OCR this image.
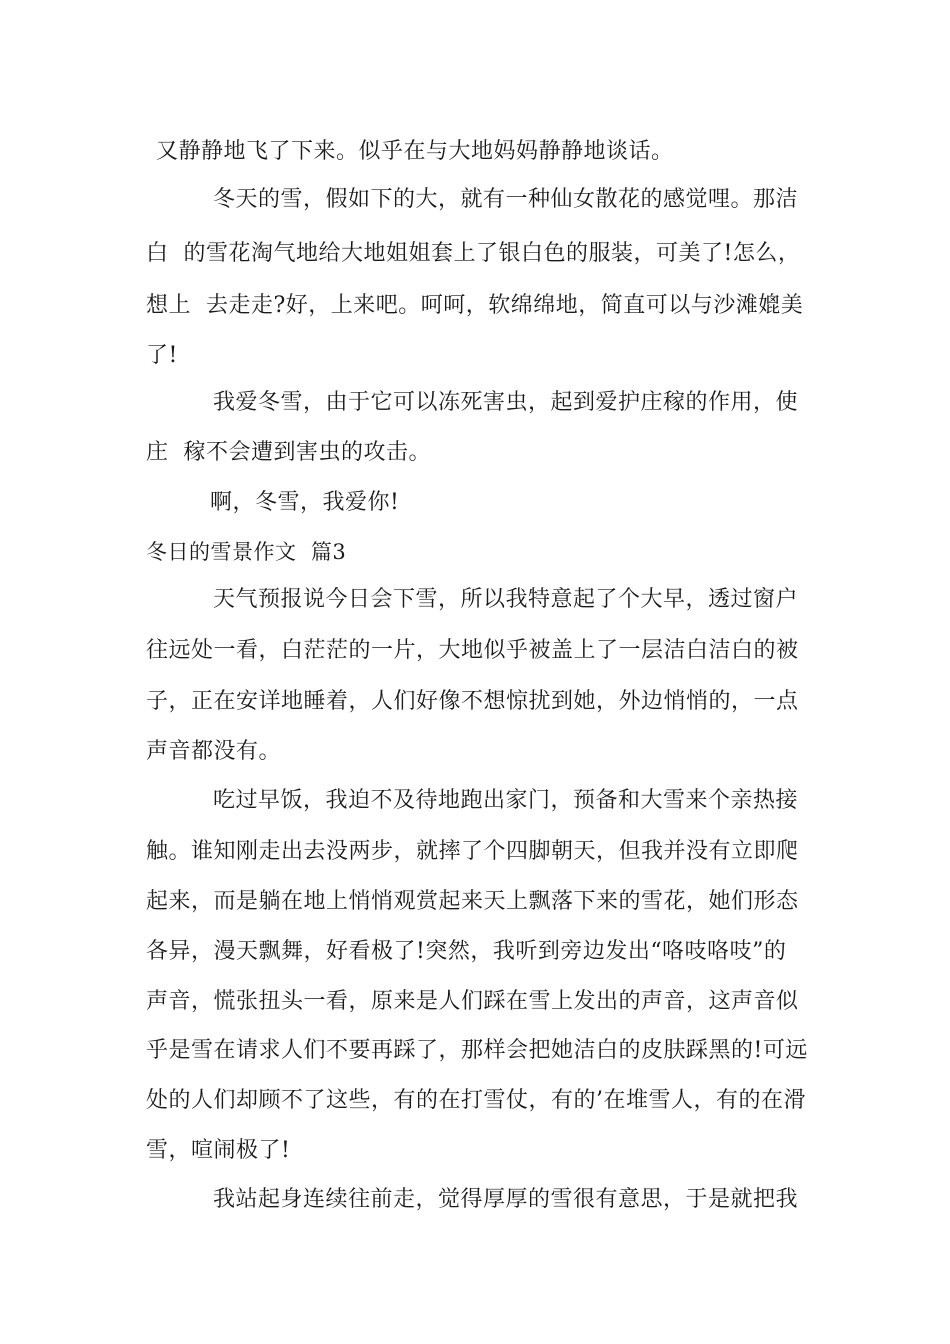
又静静地飞了下来。似乎在与大地妈妈静静地谈话。
冬天的雪，假如下的大，就有一种仙女散花的感觉哩。那洁
白  的雪花淘气地给大地姐姐套上了银白色的服装，可美了!怎么，
想上  去走走?好，上来吧。呵呵，软绵绵地，简直可以与沙滩媲美
了!
我爱冬雪，由于它可以冻死害虫，起到爱护庄稼的作用，使
庄  稼不会遭到害虫的攻击。
啊，冬雪，我爱你!
冬日的雪景作文  篇3
天气预报说今日会下雪，所以我特意起了个大早，透过窗户
往远处一看，白茫茫的一片，大地似乎被盖上了一层洁白洁白的被
子，正在安详地睡着，人们好像不想惊扰到她，外边悄悄的，一点
声音都没有。
吃过早饭，我迫不及待地跑出家门，预备和大雪来个亲热接
触。谁知刚走出去没两步，就摔了个四脚朝天，但我并没有立即爬
起来，而是躺在地上悄悄观赏起来天上飘落下来的雪花，她们形态
各异，漫天飘舞，好看极了!突然，我听到旁边发出“咯吱咯吱”的
声音，慌张扭头一看，原来是人们踩在雪上发出的声音，这声音似
乎是雪在请求人们不要再踩了，那样会把她洁白的皮肤踩黑的!可远
处的人们却顾不了这些，有的在打雪仗，有的’在堆雪人，有的在滑
雪，喧闹极了!
我站起身连续往前走，觉得厚厚的雪很有意思，于是就把我
